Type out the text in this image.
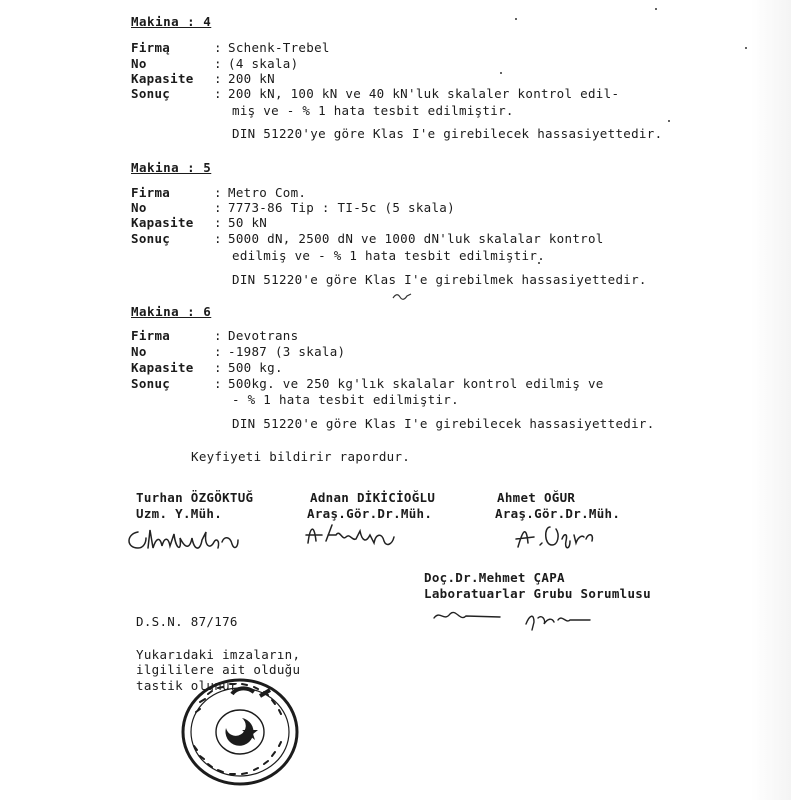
Makina : 4
Firmą	: Schenk-Trebel
No	: (4 skala)
Kapasite : 200 kN
Sonuç	: 200 kN, 100 kN ve 40 kN'luk skalaler kontrol edil-
miş ve - % 1 hata tesbit edilmiştir.
DIN 51220'ye göre Klas I'e girebilecek hassasiyettedir.
Makina : 5
Firma	: Metro Com.
No	: 7773-86 Tip : TI-5c (5 skala)
Kapasite : 50 kN
Sonuç	: 5000 dN, 2500 dN ve 1000 dN'luk skalalar kontrol
edilmiş ve - % 1 hata tesbit edilmiştir.
DIN 51220'e göre Klas I'e girebilmek hassasiyettedir.
Makina : 6
Firma	: Devotrans
No	: -1987 (3 skala)
Kapasite : 500 kg.
Sonuç	: 500kg. ve 250 kg'lık skalalar kontrol edilmiş ve
- % 1 hata tesbit edilmiştir.
DIN 51220'e göre Klas I'e girebilecek hassasiyettedir.
Keyfiyeti bildirir rapordur.
Turhan ÖZGÖKTUĞ
Uzm. Y.Müh.
Adnan DİKİCİOĞLU
Araş.Gör.Dr.Müh.
Ahmet OĞUR
Araş.Gör.Dr.Müh.
Doç.Dr.Mehmet ÇAPA
Laboratuarlar Grubu Sorumlusu
D.S.N. 87/176
Yukarıdaki imzaların,
ilgililere ait olduğu
tastik olunur.
